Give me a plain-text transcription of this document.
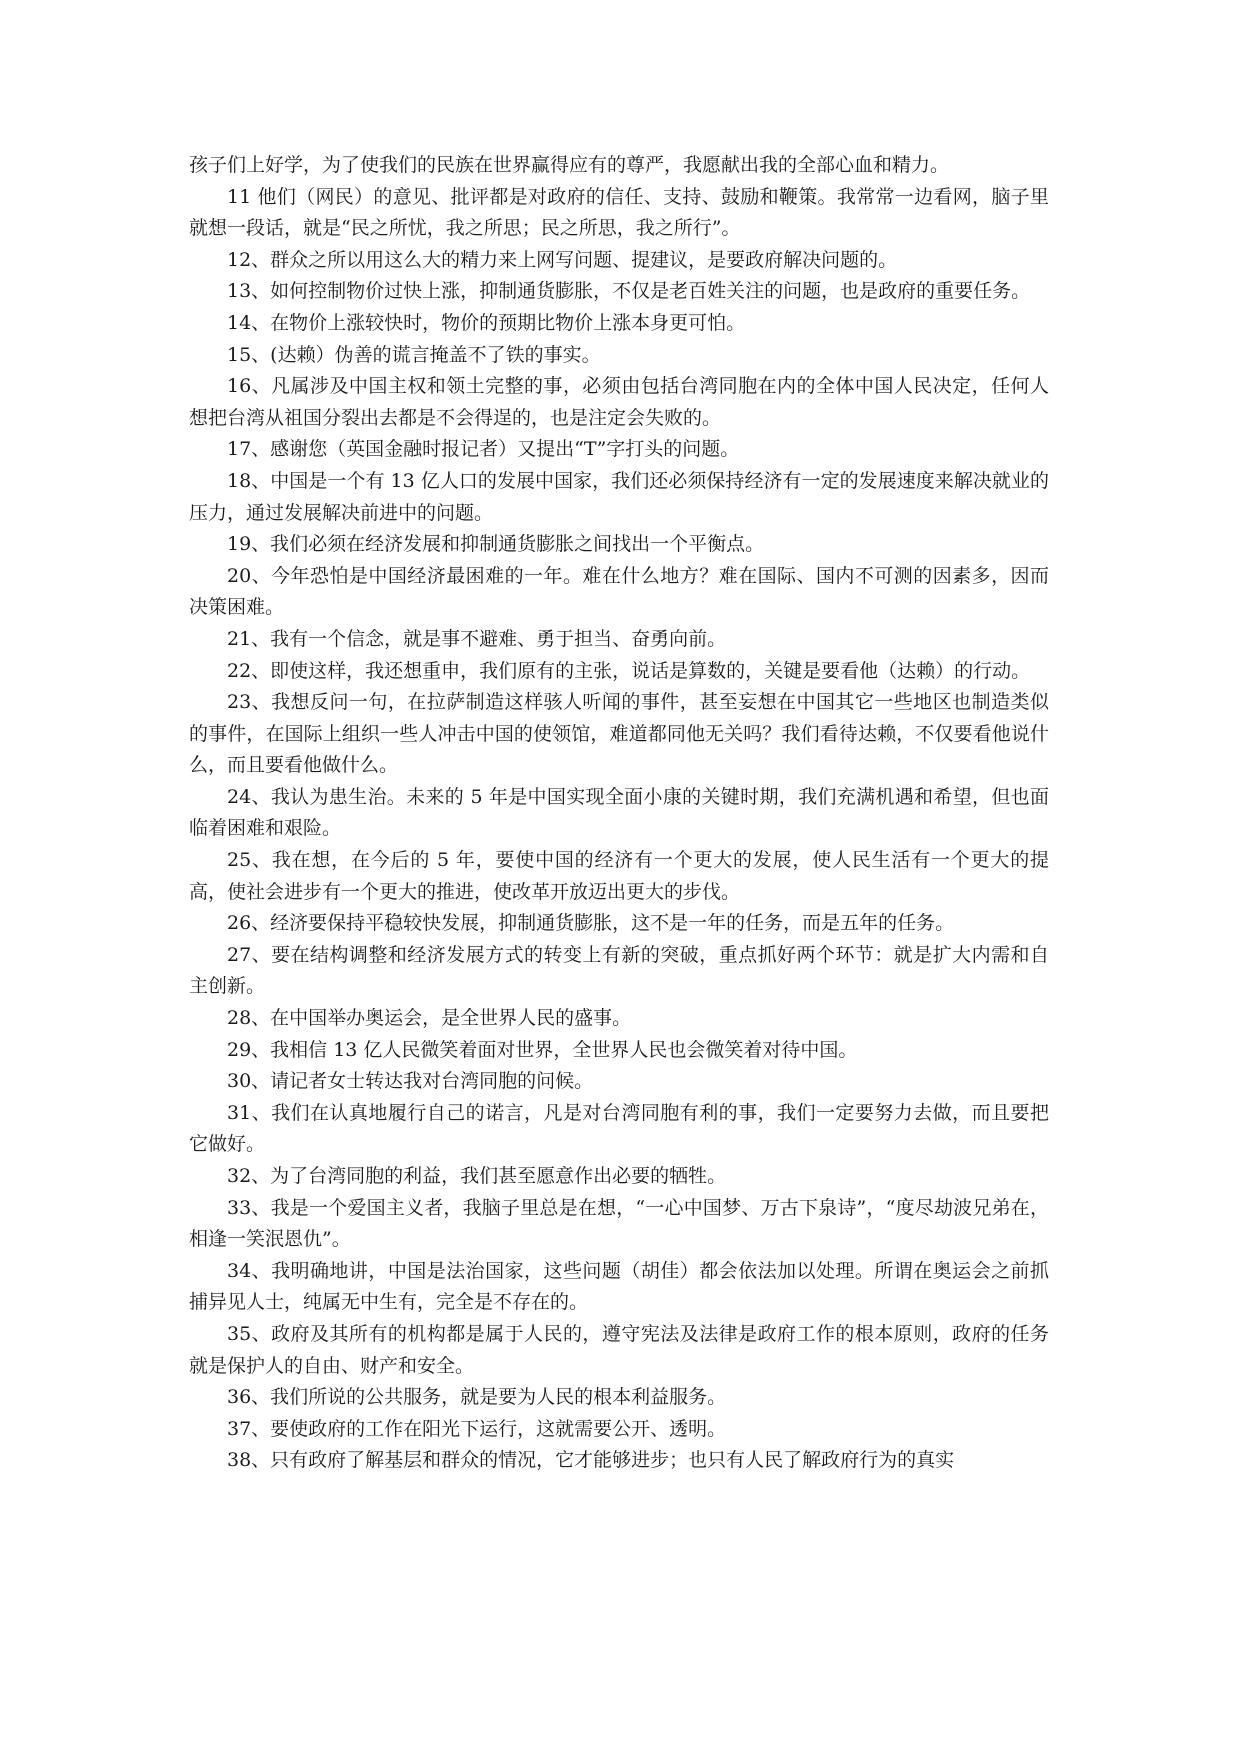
孩子们上好学，为了使我们的民族在世界赢得应有的尊严，我愿献出我的全部心血和精力。

11 他们（网民）的意见、批评都是对政府的信任、支持、鼓励和鞭策。我常常一边看网，脑子里就想一段话，就是“民之所忧，我之所思；民之所思，我之所行”。

12、群众之所以用这么大的精力来上网写问题、提建议，是要政府解决问题的。

13、如何控制物价过快上涨，抑制通货膨胀，不仅是老百姓关注的问题，也是政府的重要任务。

14、在物价上涨较快时，物价的预期比物价上涨本身更可怕。

15、(达赖）伪善的谎言掩盖不了铁的事实。

16、凡属涉及中国主权和领土完整的事，必须由包括台湾同胞在内的全体中国人民决定，任何人想把台湾从祖国分裂出去都是不会得逞的，也是注定会失败的。

17、感谢您（英国金融时报记者）又提出“T”字打头的问题。

18、中国是一个有 13 亿人口的发展中国家，我们还必须保持经济有一定的发展速度来解决就业的压力，通过发展解决前进中的问题。

19、我们必须在经济发展和抑制通货膨胀之间找出一个平衡点。

20、今年恐怕是中国经济最困难的一年。难在什么地方？难在国际、国内不可测的因素多，因而决策困难。

21、我有一个信念，就是事不避难、勇于担当、奋勇向前。

22、即使这样，我还想重申，我们原有的主张，说话是算数的，关键是要看他（达赖）的行动。

23、我想反问一句，在拉萨制造这样骇人听闻的事件，甚至妄想在中国其它一些地区也制造类似的事件，在国际上组织一些人冲击中国的使领馆，难道都同他无关吗？我们看待达赖，不仅要看他说什么，而且要看他做什么。

24、我认为患生治。未来的 5 年是中国实现全面小康的关键时期，我们充满机遇和希望，但也面临着困难和艰险。

25、我在想，在今后的 5 年，要使中国的经济有一个更大的发展，使人民生活有一个更大的提高，使社会进步有一个更大的推进，使改革开放迈出更大的步伐。

26、经济要保持平稳较快发展，抑制通货膨胀，这不是一年的任务，而是五年的任务。

27、要在结构调整和经济发展方式的转变上有新的突破，重点抓好两个环节：就是扩大内需和自主创新。

28、在中国举办奥运会，是全世界人民的盛事。

29、我相信 13 亿人民微笑着面对世界，全世界人民也会微笑着对待中国。

30、请记者女士转达我对台湾同胞的问候。

31、我们在认真地履行自己的诺言，凡是对台湾同胞有利的事，我们一定要努力去做，而且要把它做好。

32、为了台湾同胞的利益，我们甚至愿意作出必要的牺牲。

33、我是一个爱国主义者，我脑子里总是在想，“一心中国梦、万古下泉诗”，“度尽劫波兄弟在，相逢一笑泯恩仇”。

34、我明确地讲，中国是法治国家，这些问题（胡佳）都会依法加以处理。所谓在奥运会之前抓捕异见人士，纯属无中生有，完全是不存在的。

35、政府及其所有的机构都是属于人民的，遵守宪法及法律是政府工作的根本原则，政府的任务就是保护人的自由、财产和安全。

36、我们所说的公共服务，就是要为人民的根本利益服务。

37、要使政府的工作在阳光下运行，这就需要公开、透明。

38、只有政府了解基层和群众的情况，它才能够进步；也只有人民了解政府行为的真实
